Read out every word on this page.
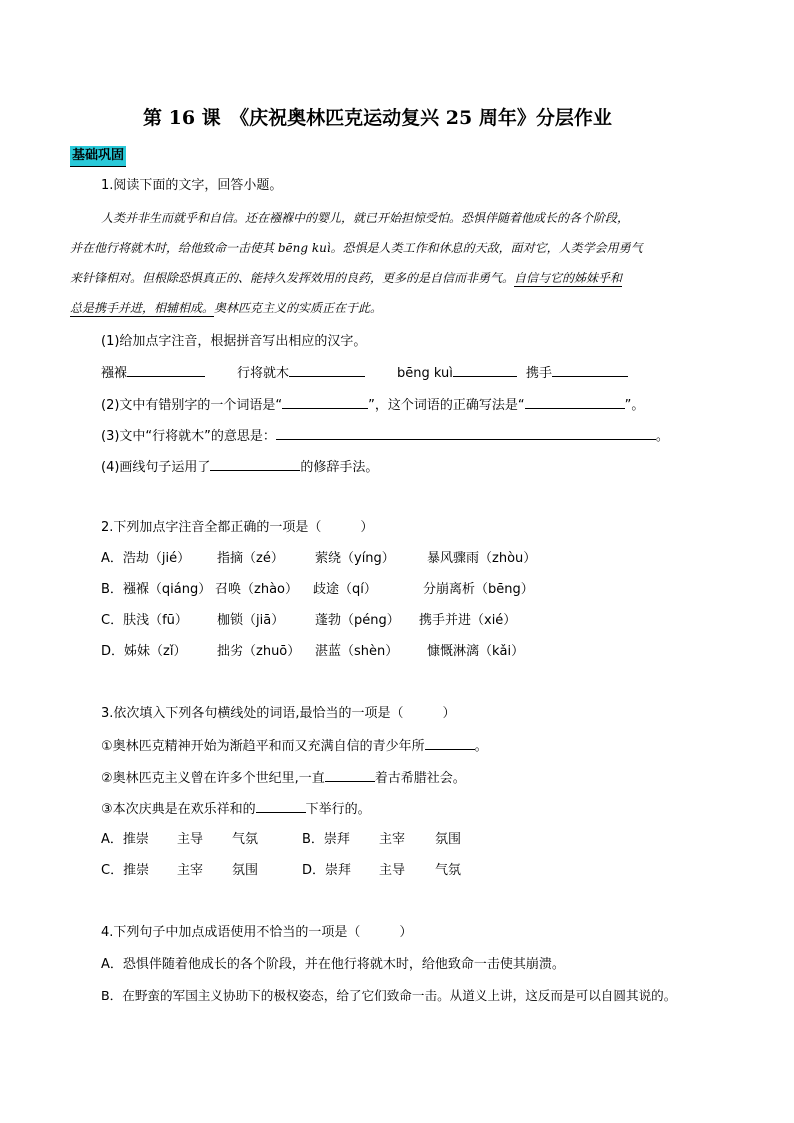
第 16 课　《庆祝奥林匹克运动复兴 25 周年》分层作业
基础巩固
1.阅读下面的文字，回答小题。
人类并非生而就乎和自信。还在襁褓中的婴儿，就已开始担惊受怕。恐惧伴随着他成长的各个阶段，
并在他行将就木时，给他致命一击使其 bēng kuì。恐惧是人类工作和休息的天敌，面对它，人类学会用勇气
来针锋相对。但根除恐惧真正的、能持久发挥效用的良药，更多的是自信而非勇气。自信与它的姊妹乎和
总是携手并进，相辅相成。奥林匹克主义的实质正在于此。
(1)给加点字注音，根据拼音写出相应的汉字。
襁褓	行将就木	bēng kuì	携手
(2)文中有错别字的一个词语是“	”，这个词语的正确写法是“	”。
(3)文中“行将就木”的意思是：	。
(4)画线句子运用了	的修辞手法。
2.下列加点字注音全都正确的一项是（　　　）
A．浩劫（jié） 指摘（zé） 萦绕（yíng） 暴风骤雨（zhòu）
B．襁褓（qiáng） 召唤（zhào） 歧途（qí）	分崩离析（bēng）
C．肤浅（fū） 枷锁（jiā） 蓬勃（péng） 携手并进（xié）
D．姊妹（zǐ） 拙劣（zhuō） 湛蓝（shèn） 慷慨淋漓（kǎi）
3.依次填入下列各句横线处的词语,最恰当的一项是（　　　）
①奥林匹克精神开始为渐趋平和而又充满自信的青少年所	。
②奥林匹克主义曾在许多个世纪里,一直	着古希腊社会。
③本次庆典是在欢乐祥和的	下举行的。
A．推崇 主导 气氛	B．崇拜 主宰 氛围
C．推崇 主宰 氛围	D．崇拜 主导 气氛
4.下列句子中加点成语使用不恰当的一项是（　　　）
A．恐惧伴随着他成长的各个阶段，并在他行将就木时，给他致命一击使其崩溃。
B．在野蛮的军国主义协助下的极权姿态，给了它们致命一击。从道义上讲，这反而是可以自圆其说的。
